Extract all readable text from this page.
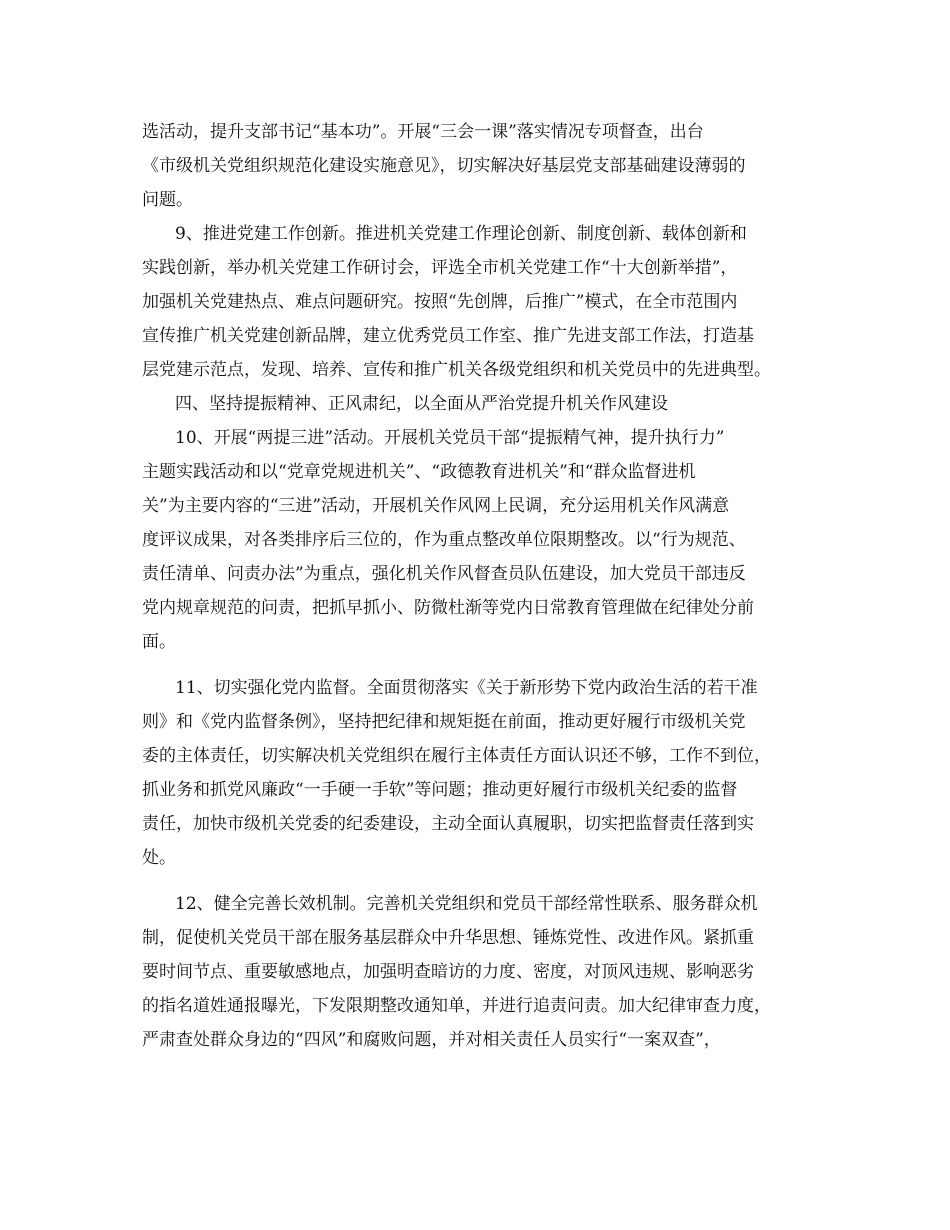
选活动，提升支部书记“基本功”。开展“三会一课”落实情况专项督查，出台
《市级机关党组织规范化建设实施意见》，切实解决好基层党支部基础建设薄弱的
问题。
9、推进党建工作创新。推进机关党建工作理论创新、制度创新、载体创新和
实践创新，举办机关党建工作研讨会，评选全市机关党建工作“十大创新举措”，
加强机关党建热点、难点问题研究。按照“先创牌，后推广”模式，在全市范围内
宣传推广机关党建创新品牌，建立优秀党员工作室、推广先进支部工作法，打造基
层党建示范点，发现、培养、宣传和推广机关各级党组织和机关党员中的先进典型。
四、坚持提振精神、正风肃纪，以全面从严治党提升机关作风建设
10、开展“两提三进”活动。开展机关党员干部“提振精气神，提升执行力”
主题实践活动和以“党章党规进机关”、“政德教育进机关”和“群众监督进机
关”为主要内容的“三进”活动，开展机关作风网上民调，充分运用机关作风满意
度评议成果，对各类排序后三位的，作为重点整改单位限期整改。以“行为规范、
责任清单、问责办法”为重点，强化机关作风督查员队伍建设，加大党员干部违反
党内规章规范的问责，把抓早抓小、防微杜渐等党内日常教育管理做在纪律处分前
面。
11、切实强化党内监督。全面贯彻落实《关于新形势下党内政治生活的若干准
则》和《党内监督条例》，坚持把纪律和规矩挺在前面，推动更好履行市级机关党
委的主体责任，切实解决机关党组织在履行主体责任方面认识还不够，工作不到位，
抓业务和抓党风廉政“一手硬一手软”等问题；推动更好履行市级机关纪委的监督
责任，加快市级机关党委的纪委建设，主动全面认真履职，切实把监督责任落到实
处。
12、健全完善长效机制。完善机关党组织和党员干部经常性联系、服务群众机
制，促使机关党员干部在服务基层群众中升华思想、锤炼党性、改进作风。紧抓重
要时间节点、重要敏感地点，加强明查暗访的力度、密度，对顶风违规、影响恶劣
的指名道姓通报曝光，下发限期整改通知单，并进行追责问责。加大纪律审查力度，
严肃查处群众身边的“四风”和腐败问题，并对相关责任人员实行“一案双查”，
